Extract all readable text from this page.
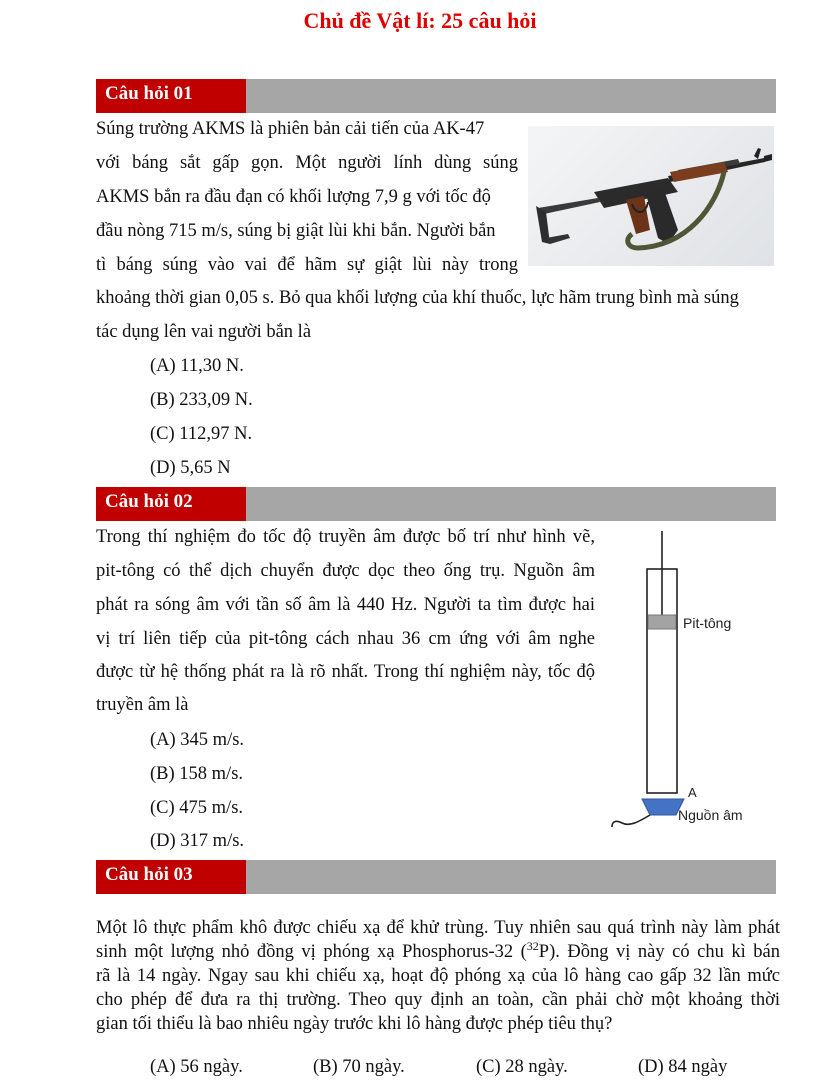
Chủ đề Vật lí: 25 câu hỏi
Câu hỏi 01
Súng trường AKMS là phiên bản cải tiến của AK-47
với báng sắt gấp gọn. Một người lính dùng súng
AKMS bắn ra đầu đạn có khối lượng 7,9 g với tốc độ
đầu nòng 715 m/s, súng bị giật lùi khi bắn. Người bắn
tì báng súng vào vai để hãm sự giật lùi này trong
khoảng thời gian 0,05 s. Bỏ qua khối lượng của khí thuốc, lực hãm trung bình mà súng
tác dụng lên vai người bắn là
(A) 11,30 N.
(B) 233,09 N.
(C) 112,97 N.
(D) 5,65 N
Câu hỏi 02
Trong thí nghiệm đo tốc độ truyền âm được bố trí như hình vẽ,
pit-tông có thể dịch chuyển được dọc theo ống trụ. Nguồn âm
phát ra sóng âm với tần số âm là 440 Hz. Người ta tìm được hai
vị trí liên tiếp của pit-tông cách nhau 36 cm ứng với âm nghe
được từ hệ thống phát ra là rõ nhất. Trong thí nghiệm này, tốc độ
truyền âm là
(A) 345 m/s.
(B) 158 m/s.
(C) 475 m/s.
(D) 317 m/s.
Pit-tông
A
Nguồn âm
Câu hỏi 03
Một lô thực phẩm khô được chiếu xạ để khử trùng. Tuy nhiên sau quá trình này làm phát
sinh một lượng nhỏ đồng vị phóng xạ Phosphorus-32 ($^{32}$P). Đồng vị này có chu kì bán
rã là 14 ngày. Ngay sau khi chiếu xạ, hoạt độ phóng xạ của lô hàng cao gấp 32 lần mức
cho phép để đưa ra thị trường. Theo quy định an toàn, cần phải chờ một khoảng thời
gian tối thiểu là bao nhiêu ngày trước khi lô hàng được phép tiêu thụ?
(A) 56 ngày.	(B) 70 ngày.	(C) 28 ngày.	(D) 84 ngày
